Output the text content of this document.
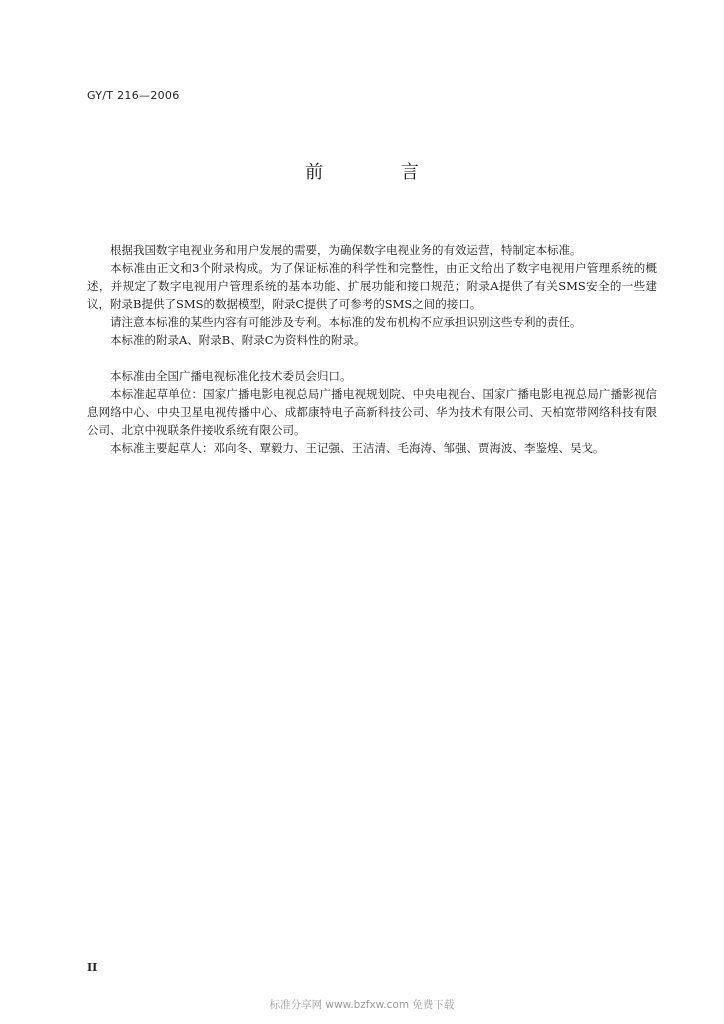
GY/T 216—2006
前 言

根据我国数字电视业务和用户发展的需要，为确保数字电视业务的有效运营，特制定本标准。

本标准由正文和3个附录构成。为了保证标准的科学性和完整性，由正文给出了数字电视用户管理系统的概述，并规定了数字电视用户管理系统的基本功能、扩展功能和接口规范；附录A提供了有关SMS安全的一些建议，附录B提供了SMS的数据模型，附录C提供了可参考的SMS之间的接口。

请注意本标准的某些内容有可能涉及专利。本标准的发布机构不应承担识别这些专利的责任。

本标准的附录A、附录B、附录C为资料性的附录。

本标准由全国广播电视标准化技术委员会归口。

本标准起草单位：国家广播电影电视总局广播电视规划院、中央电视台、国家广播电影电视总局广播影视信息网络中心、中央卫星电视传播中心、成都康特电子高新科技公司、华为技术有限公司、天柏宽带网络科技有限公司、北京中视联条件接收系统有限公司。

本标准主要起草人：邓向冬、覃毅力、王记强、王洁清、毛海涛、邹强、贾海波、李鉴煌、吴戈。

II
标准分享网 www.bzfxw.com 免费下载
